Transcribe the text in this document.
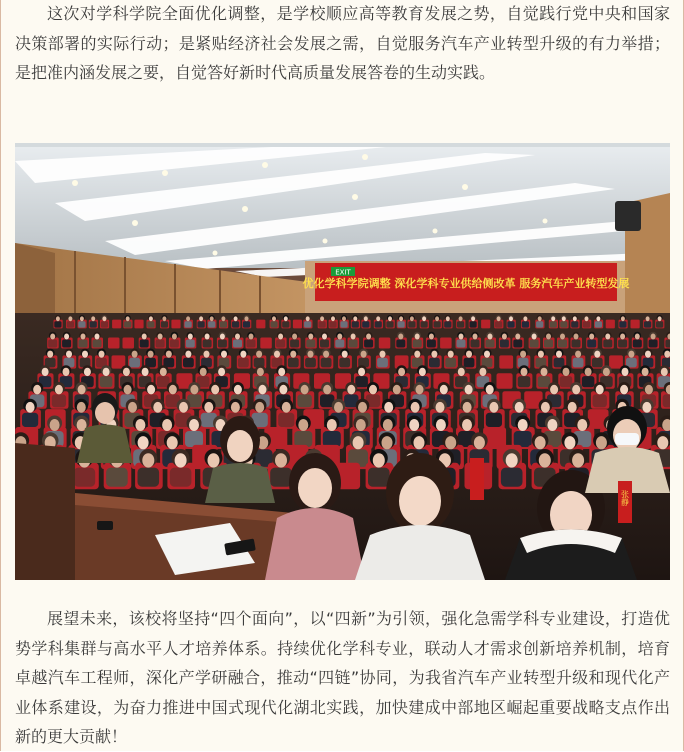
这次对学科学院全面优化调整，是学校顺应高等教育发展之势，自觉践行党中央和国家决策部署的实际行动；是紧贴经济社会发展之需，自觉服务汽车产业转型升级的有力举措；是把准内涵发展之要，自觉答好新时代高质量发展答卷的生动实践。

优化学科学院调整 深化学科专业供给侧改革 服务汽车产业转型发展
EXIT
张静

展望未来，该校将坚持“四个面向”，以“四新”为引领，强化急需学科专业建设，打造优势学科集群与高水平人才培养体系。持续优化学科专业，联动人才需求创新培养机制，培育卓越汽车工程师，深化产学研融合，推动“四链”协同，为我省汽车产业转型升级和现代化产业体系建设，为奋力推进中国式现代化湖北实践，加快建成中部地区崛起重要战略支点作出新的更大贡献！
